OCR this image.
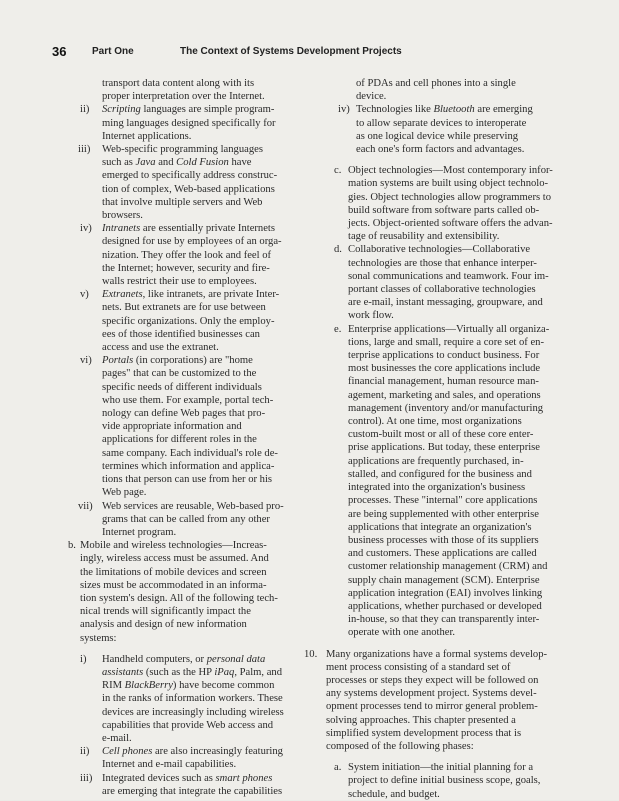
36	Part One	The Context of Systems Development Projects
transport data content along with its
proper interpretation over the Internet.
ii) Scripting languages are simple program-
ming languages designed specifically for
Internet applications.
iii) Web-specific programming languages
such as Java and Cold Fusion have
emerged to specifically address construc-
tion of complex, Web-based applications
that involve multiple servers and Web
browsers.
iv) Intranets are essentially private Internets
designed for use by employees of an orga-
nization. They offer the look and feel of
the Internet; however, security and fire-
walls restrict their use to employees.
v) Extranets, like intranets, are private Inter-
nets. But extranets are for use between
specific organizations. Only the employ-
ees of those identified businesses can
access and use the extranet.
vi) Portals (in corporations) are "home
pages" that can be customized to the
specific needs of different individuals
who use them. For example, portal tech-
nology can define Web pages that pro-
vide appropriate information and
applications for different roles in the
same company. Each individual's role de-
termines which information and applica-
tions that person can use from her or his
Web page.
vii) Web services are reusable, Web-based pro-
grams that can be called from any other
Internet program.
b. Mobile and wireless technologies—Increas-
ingly, wireless access must be assumed. And
the limitations of mobile devices and screen
sizes must be accommodated in an informa-
tion system's design. All of the following tech-
nical trends will significantly impact the
analysis and design of new information
systems:
i) Handheld computers, or personal data
assistants (such as the HP iPaq, Palm, and
RIM BlackBerry) have become common
in the ranks of information workers. These
devices are increasingly including wireless
capabilities that provide Web access and
e-mail.
ii) Cell phones are also increasingly featuring
Internet and e-mail capabilities.
iii) Integrated devices such as smart phones
are emerging that integrate the capabilities
of PDAs and cell phones into a single
device.
iv) Technologies like Bluetooth are emerging
to allow separate devices to interoperate
as one logical device while preserving
each one's form factors and advantages.
c. Object technologies—Most contemporary infor-
mation systems are built using object technolo-
gies. Object technologies allow programmers to
build software from software parts called ob-
jects. Object-oriented software offers the advan-
tage of reusability and extensibility.
d. Collaborative technologies—Collaborative
technologies are those that enhance interper-
sonal communications and teamwork. Four im-
portant classes of collaborative technologies
are e-mail, instant messaging, groupware, and
work flow.
e. Enterprise applications—Virtually all organiza-
tions, large and small, require a core set of en-
terprise applications to conduct business. For
most businesses the core applications include
financial management, human resource man-
agement, marketing and sales, and operations
management (inventory and/or manufacturing
control). At one time, most organizations
custom-built most or all of these core enter-
prise applications. But today, these enterprise
applications are frequently purchased, in-
stalled, and configured for the business and
integrated into the organization's business
processes. These "internal" core applications
are being supplemented with other enterprise
applications that integrate an organization's
business processes with those of its suppliers
and customers. These applications are called
customer relationship management (CRM) and
supply chain management (SCM). Enterprise
application integration (EAI) involves linking
applications, whether purchased or developed
in-house, so that they can transparently inter-
operate with one another.
10. Many organizations have a formal systems develop-
ment process consisting of a standard set of
processes or steps they expect will be followed on
any systems development project. Systems devel-
opment processes tend to mirror general problem-
solving approaches. This chapter presented a
simplified system development process that is
composed of the following phases:
a. System initiation—the initial planning for a
project to define initial business scope, goals,
schedule, and budget.
